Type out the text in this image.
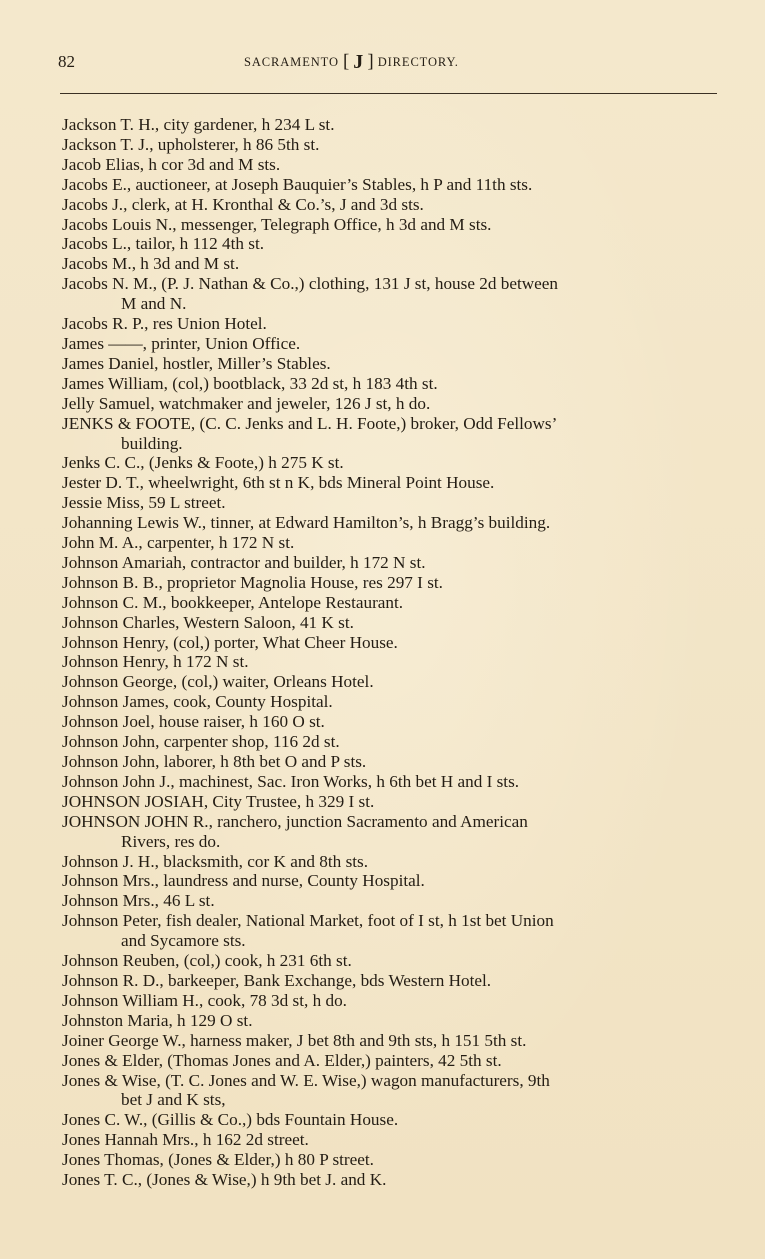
82	SACRAMENTO [ J ] DIRECTORY.
Jackson T. H., city gardener, h 234 L st.
Jackson T. J., upholsterer, h 86 5th st.
Jacob Elias, h cor 3d and M sts.
Jacobs E., auctioneer, at Joseph Bauquier’s Stables, h P and 11th sts.
Jacobs J., clerk, at H. Kronthal & Co.’s, J and 3d sts.
Jacobs Louis N., messenger, Telegraph Office, h 3d and M sts.
Jacobs L., tailor, h 112 4th st.
Jacobs M., h 3d and M st.
Jacobs N. M., (P. J. Nathan & Co.,) clothing, 131 J st, house 2d between
M and N.
Jacobs R. P., res Union Hotel.
James ——, printer, Union Office.
James Daniel, hostler, Miller’s Stables.
James William, (col,) bootblack, 33 2d st, h 183 4th st.
Jelly Samuel, watchmaker and jeweler, 126 J st, h do.
JENKS & FOOTE, (C. C. Jenks and L. H. Foote,) broker, Odd Fellows’
building.
Jenks C. C., (Jenks & Foote,) h 275 K st.
Jester D. T., wheelwright, 6th st n K, bds Mineral Point House.
Jessie Miss, 59 L street.
Johanning Lewis W., tinner, at Edward Hamilton’s, h Bragg’s building.
John M. A., carpenter, h 172 N st.
Johnson Amariah, contractor and builder, h 172 N st.
Johnson B. B., proprietor Magnolia House, res 297 I st.
Johnson C. M., bookkeeper, Antelope Restaurant.
Johnson Charles, Western Saloon, 41 K st.
Johnson Henry, (col,) porter, What Cheer House.
Johnson Henry, h 172 N st.
Johnson George, (col,) waiter, Orleans Hotel.
Johnson James, cook, County Hospital.
Johnson Joel, house raiser, h 160 O st.
Johnson John, carpenter shop, 116 2d st.
Johnson John, laborer, h 8th bet O and P sts.
Johnson John J., machinest, Sac. Iron Works, h 6th bet H and I sts.
JOHNSON JOSIAH, City Trustee, h 329 I st.
JOHNSON JOHN R., ranchero, junction Sacramento and American
Rivers, res do.
Johnson J. H., blacksmith, cor K and 8th sts.
Johnson Mrs., laundress and nurse, County Hospital.
Johnson Mrs., 46 L st.
Johnson Peter, fish dealer, National Market, foot of I st, h 1st bet Union
and Sycamore sts.
Johnson Reuben, (col,) cook, h 231 6th st.
Johnson R. D., barkeeper, Bank Exchange, bds Western Hotel.
Johnson William H., cook, 78 3d st, h do.
Johnston Maria, h 129 O st.
Joiner George W., harness maker, J bet 8th and 9th sts, h 151 5th st.
Jones & Elder, (Thomas Jones and A. Elder,) painters, 42 5th st.
Jones & Wise, (T. C. Jones and W. E. Wise,) wagon manufacturers, 9th
bet J and K sts,
Jones C. W., (Gillis & Co.,) bds Fountain House.
Jones Hannah Mrs., h 162 2d street.
Jones Thomas, (Jones & Elder,) h 80 P street.
Jones T. C., (Jones & Wise,) h 9th bet J. and K.
